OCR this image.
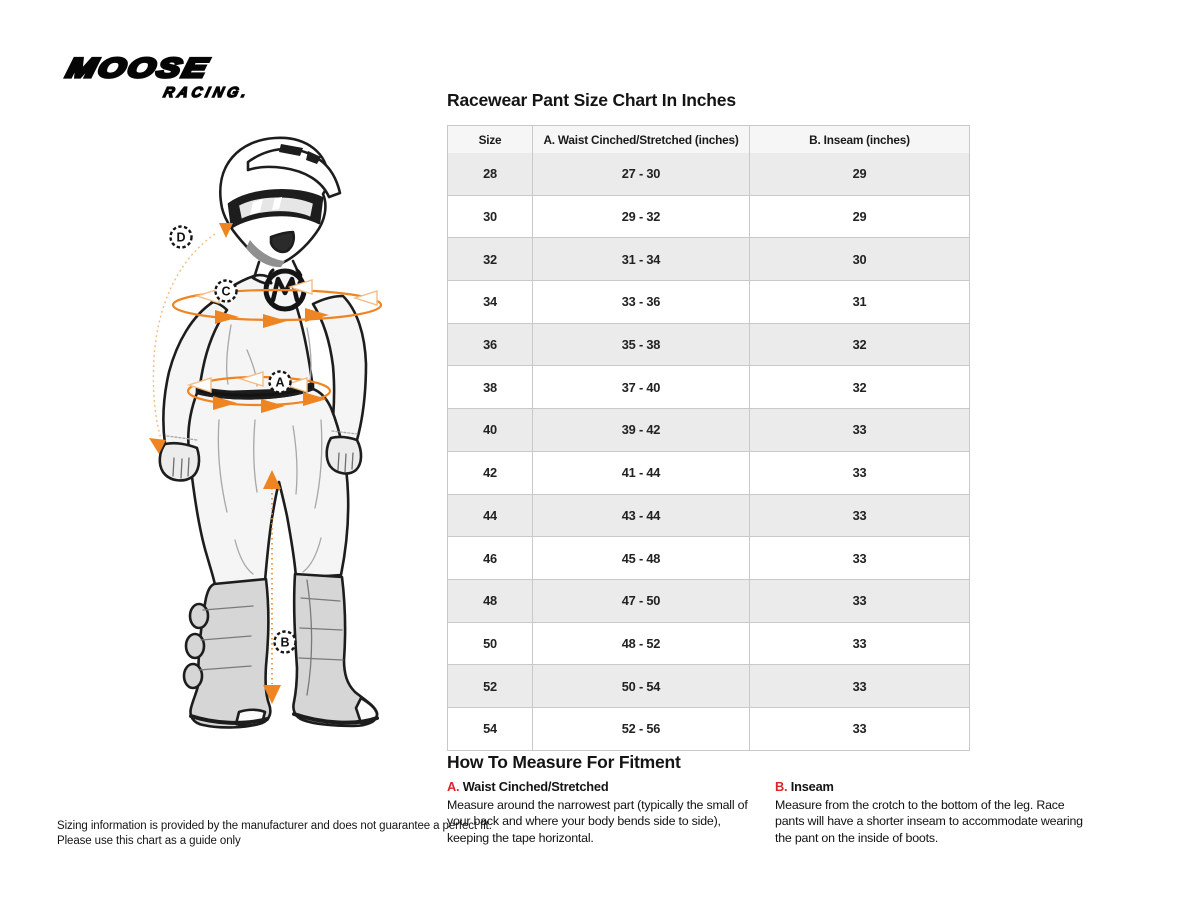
MOOSE
RACING.
D
C
A
B
Racewear Pant Size Chart In Inches
Size	A. Waist Cinched/Stretched (inches)	B. Inseam (inches)
28	27 - 30	29
30	29 - 32	29
32	31 - 34	30
34	33 - 36	31
36	35 - 38	32
38	37 - 40	32
40	39 - 42	33
42	41 - 44	33
44	43 - 44	33
46	45 - 48	33
48	47 - 50	33
50	48 - 52	33
52	50 - 54	33
54	52 - 56	33
How To Measure For Fitment
A. Waist Cinched/Stretched
Measure around the narrowest part (typically the small of your back and where your body bends side to side), keeping the tape horizontal.
B. Inseam
Measure from the crotch to the bottom of the leg. Race pants will have a shorter inseam to accommodate wearing the pant on the inside of boots.
Sizing information is provided by the manufacturer and does not guarantee a perfect fit.
Please use this chart as a guide only
